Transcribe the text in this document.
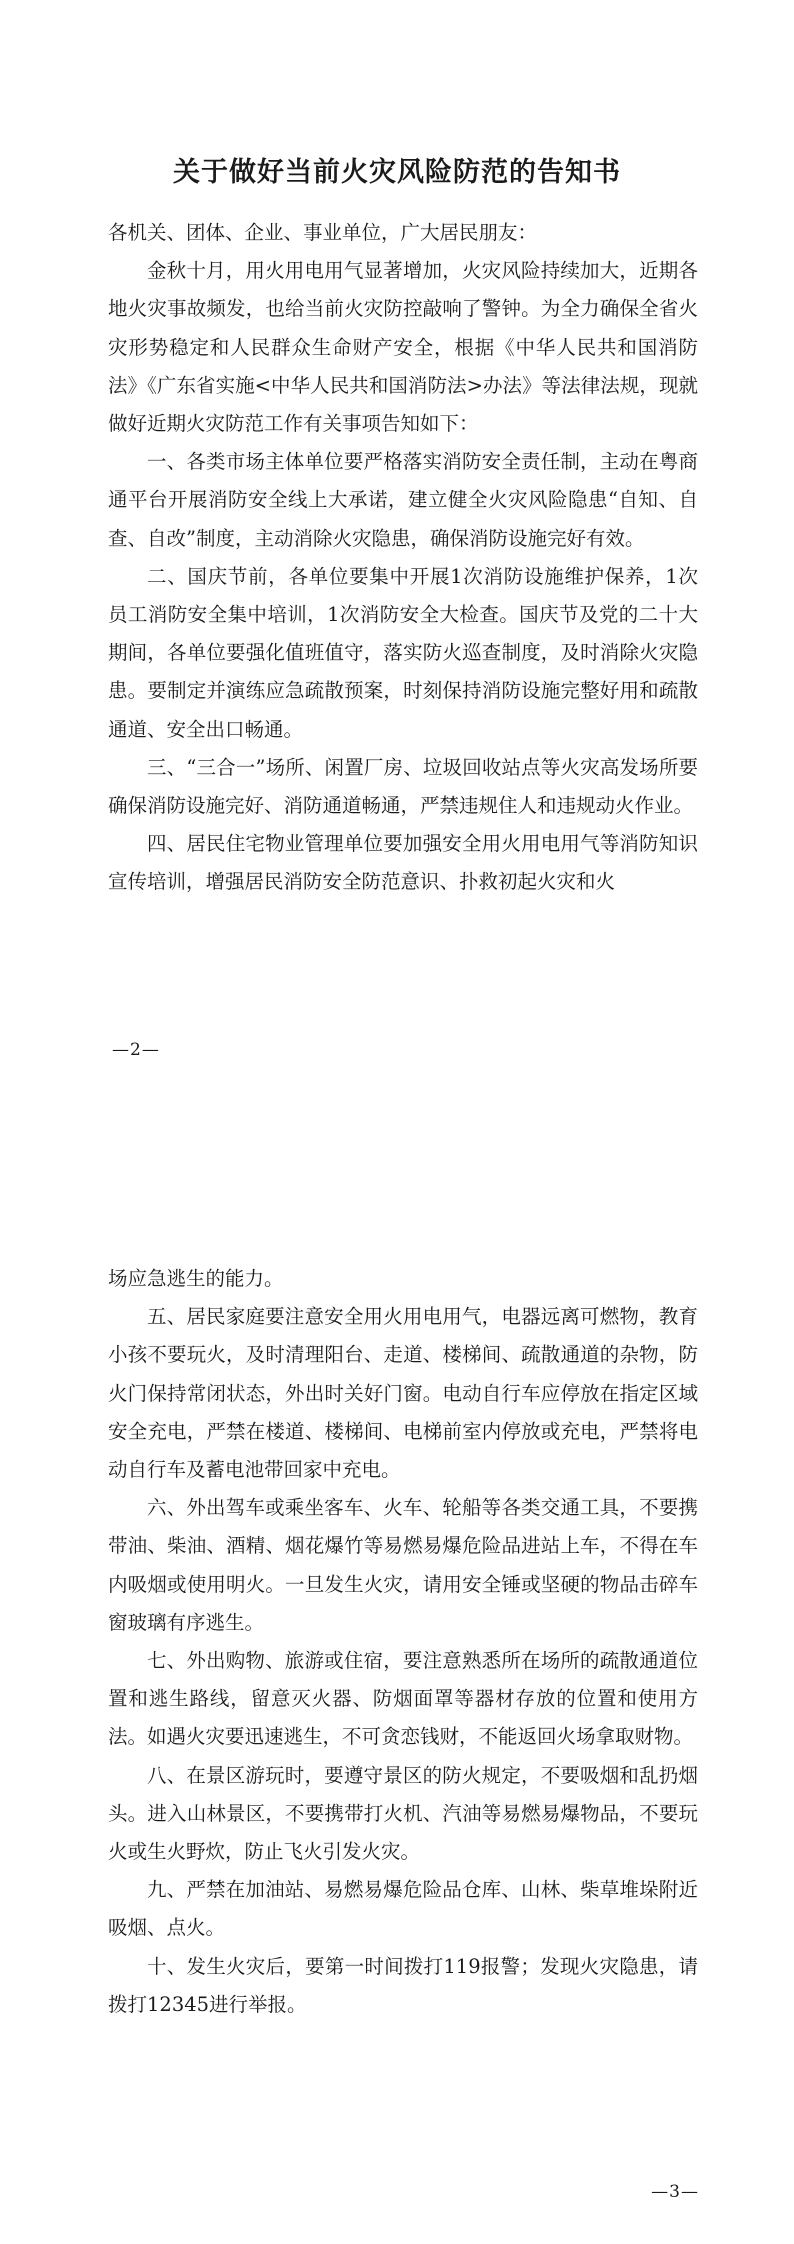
关于做好当前火灾风险防范的告知书

各机关、团体、企业、事业单位，广大居民朋友：

金秋十月，用火用电用气显著增加，火灾风险持续加大，近期各地火灾事故频发，也给当前火灾防控敲响了警钟。为全力确保全省火灾形势稳定和人民群众生命财产安全，根据《中华人民共和国消防法》《广东省实施<中华人民共和国消防法>办法》等法律法规，现就做好近期火灾防范工作有关事项告知如下：

一、各类市场主体单位要严格落实消防安全责任制，主动在粤商通平台开展消防安全线上大承诺，建立健全火灾风险隐患“自知、自查、自改”制度，主动消除火灾隐患，确保消防设施完好有效。

二、国庆节前，各单位要集中开展1次消防设施维护保养，1次员工消防安全集中培训，1次消防安全大检查。国庆节及党的二十大期间，各单位要强化值班值守，落实防火巡查制度，及时消除火灾隐患。要制定并演练应急疏散预案，时刻保持消防设施完整好用和疏散通道、安全出口畅通。

三、“三合一”场所、闲置厂房、垃圾回收站点等火灾高发场所要确保消防设施完好、消防通道畅通，严禁违规住人和违规动火作业。

四、居民住宅物业管理单位要加强安全用火用电用气等消防知识宣传培训，增强居民消防安全防范意识、扑救初起火灾和火

—2—

场应急逃生的能力。

五、居民家庭要注意安全用火用电用气，电器远离可燃物，教育小孩不要玩火，及时清理阳台、走道、楼梯间、疏散通道的杂物，防火门保持常闭状态，外出时关好门窗。电动自行车应停放在指定区域安全充电，严禁在楼道、楼梯间、电梯前室内停放或充电，严禁将电动自行车及蓄电池带回家中充电。

六、外出驾车或乘坐客车、火车、轮船等各类交通工具，不要携带油、柴油、酒精、烟花爆竹等易燃易爆危险品进站上车，不得在车内吸烟或使用明火。一旦发生火灾，请用安全锤或坚硬的物品击碎车窗玻璃有序逃生。

七、外出购物、旅游或住宿，要注意熟悉所在场所的疏散通道位置和逃生路线，留意灭火器、防烟面罩等器材存放的位置和使用方法。如遇火灾要迅速逃生，不可贪恋钱财，不能返回火场拿取财物。

八、在景区游玩时，要遵守景区的防火规定，不要吸烟和乱扔烟头。进入山林景区，不要携带打火机、汽油等易燃易爆物品，不要玩火或生火野炊，防止飞火引发火灾。

九、严禁在加油站、易燃易爆危险品仓库、山林、柴草堆垛附近吸烟、点火。

十、发生火灾后，要第一时间拨打119报警；发现火灾隐患，请拨打12345进行举报。

—3—
